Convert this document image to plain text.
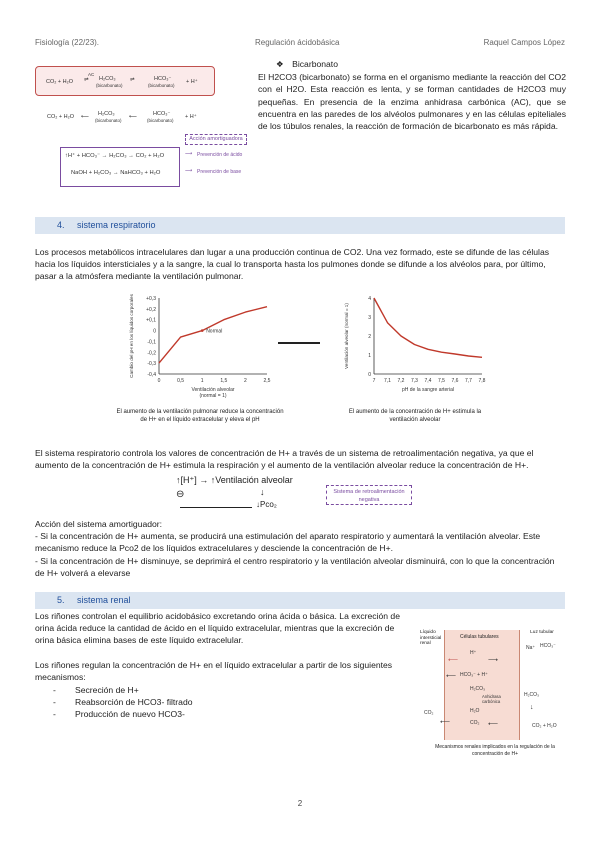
Fisiología (22/23).	Regulación ácidobásica	Raquel Campos López
CO₂ + H₂O
AC
⇌ H₂CO₃
(bicarbonato)
⇌	HCO₃⁻
(bicarbonato)
+ H⁺
CO₂ + H₂O ⟵ H₂CO₃
(bicarbonato)
⟵	HCO₃⁻
(bicarbonato)
+ H⁺
Acción amortiguadora
↑H⁺ + HCO₃⁻ → H₂CO₃ → CO₂ + H₂O
NaOH + H₂CO₃ → NaHCO₃ + H₂O
⟶ Prevención de ácido
⟶ Prevención de base
❖ Bicarbonato

El H2CO3 (bicarbonato) se forma en el organismo mediante la reacción del CO2 con el H2O. Esta reacción es lenta, y se forman cantidades de H2CO3 muy pequeñas. En presencia de la enzima anhidrasa carbónica (AC), que se encuentra en las paredes de los alvéolos pulmonares y en las células epiteliales de los túbulos renales, la reacción de formación de bicarbonato es más rápida.

4. sistema respiratorio

Los procesos metabólicos intracelulares dan lugar a una producción continua de CO2. Una vez formado, este se difunde de las células hacia los líquidos intersticiales y a la sangre, la cual lo transporta hasta los pulmones donde se difunde a los alvéolos para, por último, pasar a la atmósfera mediante la ventilación pulmonar.

0	0,5	1	1,5	2	2,5
+0,3
+0,2
+0,1
0
-0,1
-0,2
-0,3
-0,4
Ventilación alveolar
(normal = 1)
Cambio del pH en los líquidos corporales	Normal
El aumento de la ventilación pulmonar reduce la concentración de H+ en el líquido extracelular y eleva el pH
7 7,1 7,2 7,3 7,4 7,5 7,6 7,7 7,8
4
3
2
1
0
pH de la sangre arterial
Ventilación alveolar (normal = 1)
El aumento de la concentración de H+ estimula la ventilación alveolar

El sistema respiratorio controla los valores de concentración de H+ a través de un sistema de retroalimentación negativa, ya que el aumento de la concentración de H+ estimula la respiración y el aumento de la ventilación alveolar reduce la concentración de H+.

↑[H⁺] → ↑Ventilación alveolar
⊖	↓
↓Pco₂
Sistema de retroalimentación negativa

Acción del sistema amortiguador:

- Si la concentración de H+ aumenta, se producirá una estimulación del aparato respiratorio y aumentará la ventilación alveolar. Este mecanismo reduce la Pco2 de los líquidos extracelulares y desciende la concentración de H+.

- Si la concentración de H+ disminuye, se deprimirá el centro respiratorio y la ventilación alveolar disminuirá, con lo que la concentración de H+ volverá a elevarse

5. sistema renal

Los riñones controlan el equilibrio acidobásico excretando orina ácida o básica. La excreción de orina ácida reduce la cantidad de ácido en el líquido extracelular, mientras que la excreción de orina básica elimina bases de este líquido extracelular.

Los riñones regulan la concentración de H+ en el líquido extracelular a partir de los siguientes mecanismos:

- Secreción de H+
- Reabsorción de HCO3- filtrado
- Producción de nuevo HCO3-
Líquido intersticial renal
Células tubulares
Luz tubular
Na⁺ HCO₃⁻
H⁺
HCO₃⁻ + H⁺
H₂CO₃
Anhidrasa carbónica
H₂O
CO₂
CO₂
H₂CO₃
CO₂ + H₂O
⟵	⟶
⟵
↓
⟵	⟵
Mecanismos renales implicados en la regulación de la concentración de H+
2
